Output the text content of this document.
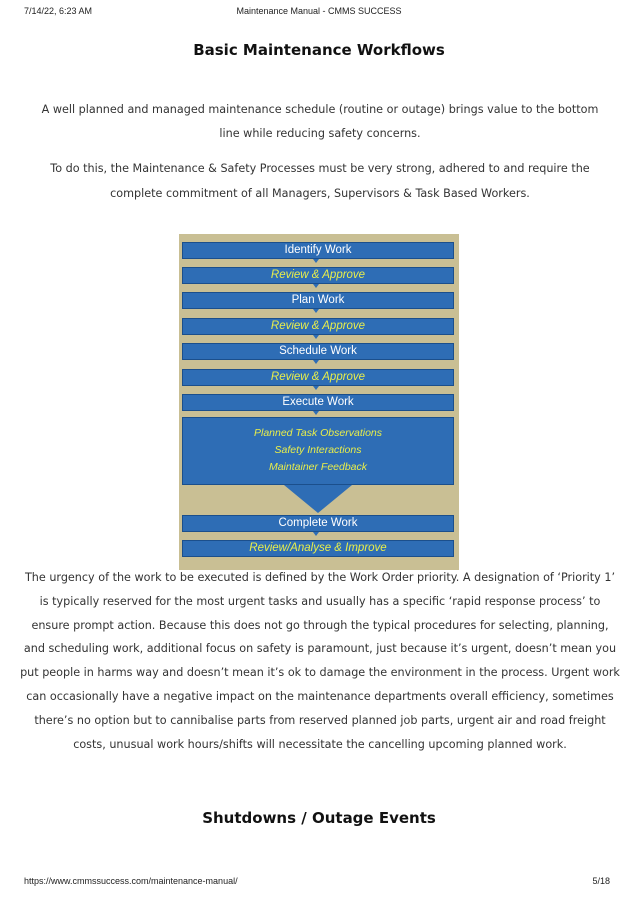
7/14/22, 6:23 AM	Maintenance Manual - CMMS SUCCESS
Basic Maintenance Workflows

A well planned and managed maintenance schedule (routine or outage) brings value to the bottom line while reducing safety concerns.

To do this, the Maintenance & Safety Processes must be very strong, adhered to and require the complete commitment of all Managers, Supervisors & Task Based Workers.

Identify Work
Review & Approve
Plan Work
Review & Approve
Schedule Work
Review & Approve
Execute Work
Planned Task Observations
Safety Interactions
Maintainer Feedback
Complete Work
Review/Analyse & Improve

The urgency of the work to be executed is defined by the Work Order priority. A designation of ‘Priority 1’ is typically reserved for the most urgent tasks and usually has a specific ‘rapid response process’ to ensure prompt action. Because this does not go through the typical procedures for selecting, planning, and scheduling work, additional focus on safety is paramount, just because it’s urgent, doesn’t mean you put people in harms way and doesn’t mean it’s ok to damage the environment in the process. Urgent work can occasionally have a negative impact on the maintenance departments overall efficiency, sometimes there’s no option but to cannibalise parts from reserved planned job parts, urgent air and road freight costs, unusual work hours/shifts will necessitate the cancelling upcoming planned work.

Shutdowns / Outage Events
https://www.cmmssuccess.com/maintenance-manual/	5/18
